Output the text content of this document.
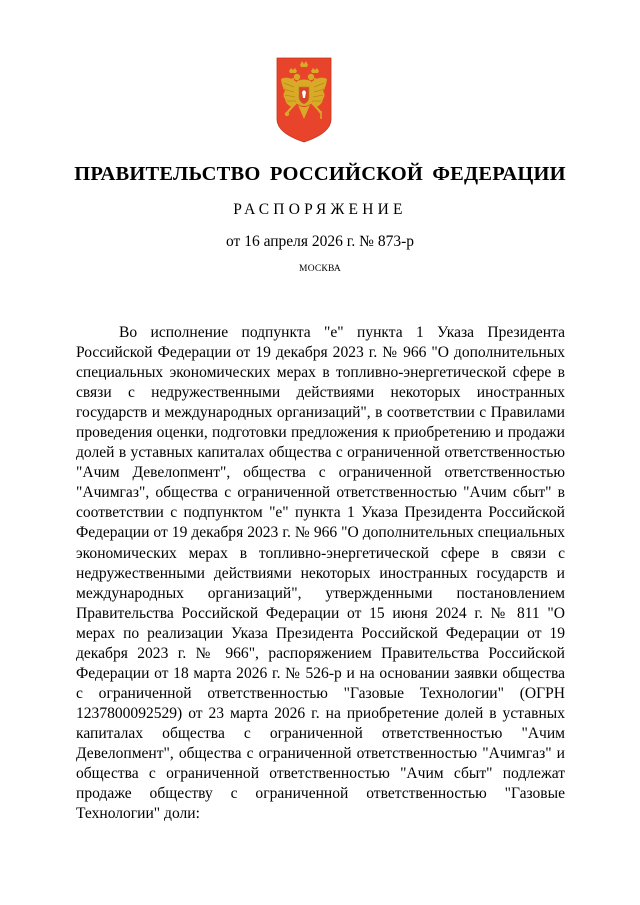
ПРАВИТЕЛЬСТВО РОССИЙСКОЙ ФЕДЕРАЦИИ
РАСПОРЯЖЕНИЕ
от 16 апреля 2026 г. № 873-р
МОСКВА

Во исполнение подпункта "е" пункта 1 Указа Президента Российской Федерации от 19 декабря 2023 г. № 966 "О дополнительных специальных экономических мерах в топливно-энергетической сфере в связи с недружественными действиями некоторых иностранных государств и международных организаций", в соответствии с Правилами проведения оценки, подготовки предложения к приобретению и продажи долей в уставных капиталах общества с ограниченной ответственностью "Ачим Девелопмент", общества с ограниченной ответственностью "Ачимгаз", общества с ограниченной ответственностью "Ачим сбыт" в соответствии с подпунктом "е" пункта 1 Указа Президента Российской Федерации от 19 декабря 2023 г. № 966 "О дополнительных специальных экономических мерах в топливно-энергетической сфере в связи с недружественными действиями некоторых иностранных государств и международных организаций", утвержденными постановлением Правительства Российской Федерации от 15 июня 2024 г. № 811 "О мерах по реализации Указа Президента Российской Федерации от 19 декабря 2023 г. № 966", распоряжением Правительства Российской Федерации от 18 марта 2026 г. № 526-р и на основании заявки общества с ограниченной ответственностью "Газовые Технологии" (ОГРН 1237800092529) от 23 марта 2026 г. на приобретение долей в уставных капиталах общества с ограниченной ответственностью "Ачим Девелопмент", общества с ограниченной ответственностью "Ачимгаз" и общества с ограниченной ответственностью "Ачим сбыт" подлежат продаже обществу с ограниченной ответственностью "Газовые Технологии" доли:
